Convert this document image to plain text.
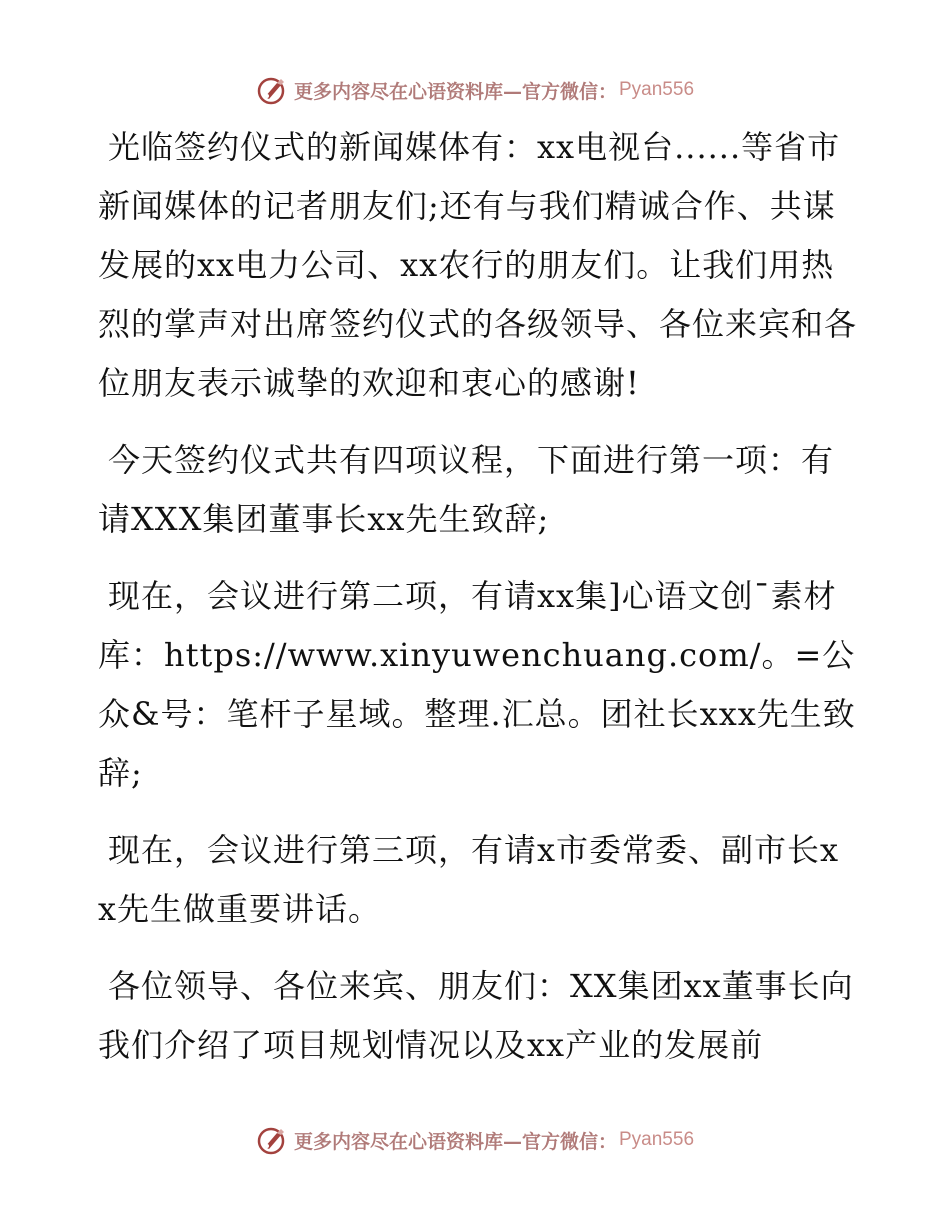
更多内容尽在心语资料库—官方微信： Pyan556

光临签约仪式的新闻媒体有：xx电视台......等省市新闻媒体的记者朋友们;还有与我们精诚合作、共谋发展的xx电力公司、xx农行的朋友们。让我们用热烈的掌声对出席签约仪式的各级领导、各位来宾和各位朋友表示诚挚的欢迎和衷心的感谢!

今天签约仪式共有四项议程，下面进行第一项：有请XXX集团董事长xx先生致辞;

现在，会议进行第二项，有请xx集]心语文创¯素材库：https://www.xinyuwenchuang.com/。=公众&号：笔杆子星域。整理.汇总。团社长xxx先生致辞;

现在，会议进行第三项，有请x市委常委、副市长xx先生做重要讲话。

各位领导、各位来宾、朋友们：XX集团xx董事长向我们介绍了项目规划情况以及xx产业的发展前

更多内容尽在心语资料库—官方微信： Pyan556
